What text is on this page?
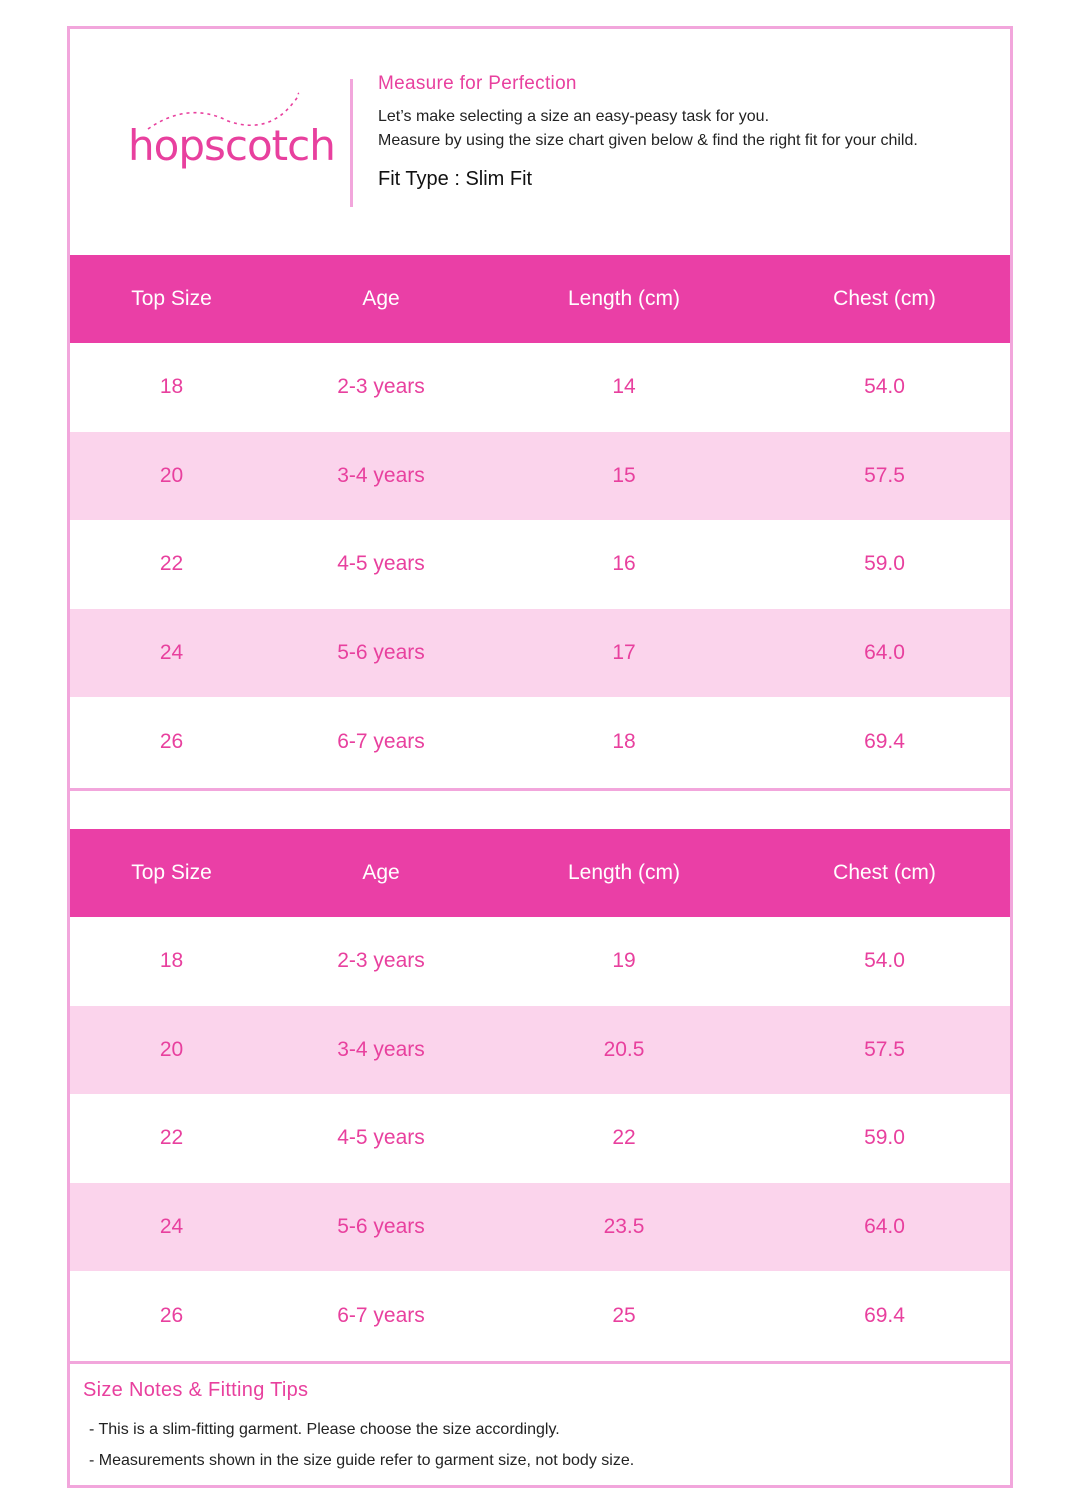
hopscotch
Measure for Perfection

Let’s make selecting a size an easy-peasy task for you.
Measure by using the size chart given below & find the right fit for your child.

Fit Type : Slim Fit

Top Size	Age	Length (cm)	Chest (cm)
18	2-3 years	14	54.0
20	3-4 years	15	57.5
22	4-5 years	16	59.0
24	5-6 years	17	64.0
26	6-7 years	18	69.4
Top Size	Age	Length (cm)	Chest (cm)
18	2-3 years	19	54.0
20	3-4 years	20.5	57.5
22	4-5 years	22	59.0
24	5-6 years	23.5	64.0
26	6-7 years	25	69.4
Size Notes & Fitting Tips
- This is a slim-fitting garment. Please choose the size accordingly.
- Measurements shown in the size guide refer to garment size, not body size.
